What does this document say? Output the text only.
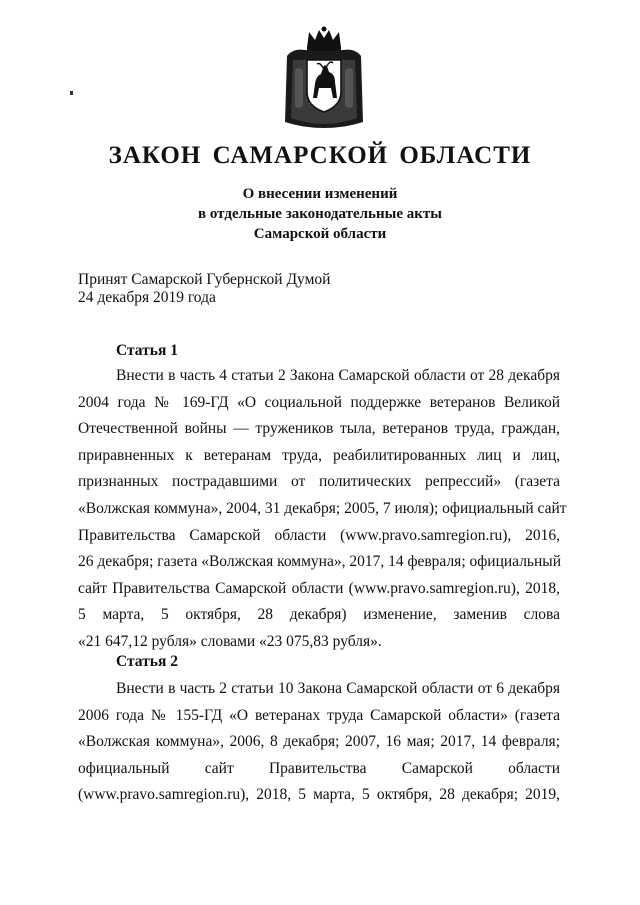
ЗАКОН САМАРСКОЙ ОБЛАСТИ
О внесении изменений
в отдельные законодательные акты
Самарской области
Принят Самарской Губернской Думой
24 декабря 2019 года
Статья 1
Внести в часть 4 статьи 2 Закона Самарской области от 28 декабря
2004 года № 169-ГД «О социальной поддержке ветеранов Великой
Отечественной войны — тружеников тыла, ветеранов труда, граждан,
приравненных к ветеранам труда, реабилитированных лиц и лиц,
признанных пострадавшими от политических репрессий» (газета
«Волжская коммуна», 2004, 31 декабря; 2005, 7 июля); официальный сайт
Правительства Самарской области (www.pravo.samregion.ru), 2016,
26 декабря; газета «Волжская коммуна», 2017, 14 февраля; официальный
сайт Правительства Самарской области (www.pravo.samregion.ru), 2018,
5 марта, 5 октября, 28 декабря) изменение, заменив слова
«21 647,12 рубля» словами «23 075,83 рубля».
Статья 2
Внести в часть 2 статьи 10 Закона Самарской области от 6 декабря
2006 года № 155-ГД «О ветеранах труда Самарской области» (газета
«Волжская коммуна», 2006, 8 декабря; 2007, 16 мая; 2017, 14 февраля;
официальный сайт Правительства Самарской области
(www.pravo.samregion.ru), 2018, 5 марта, 5 октября, 28 декабря; 2019,
